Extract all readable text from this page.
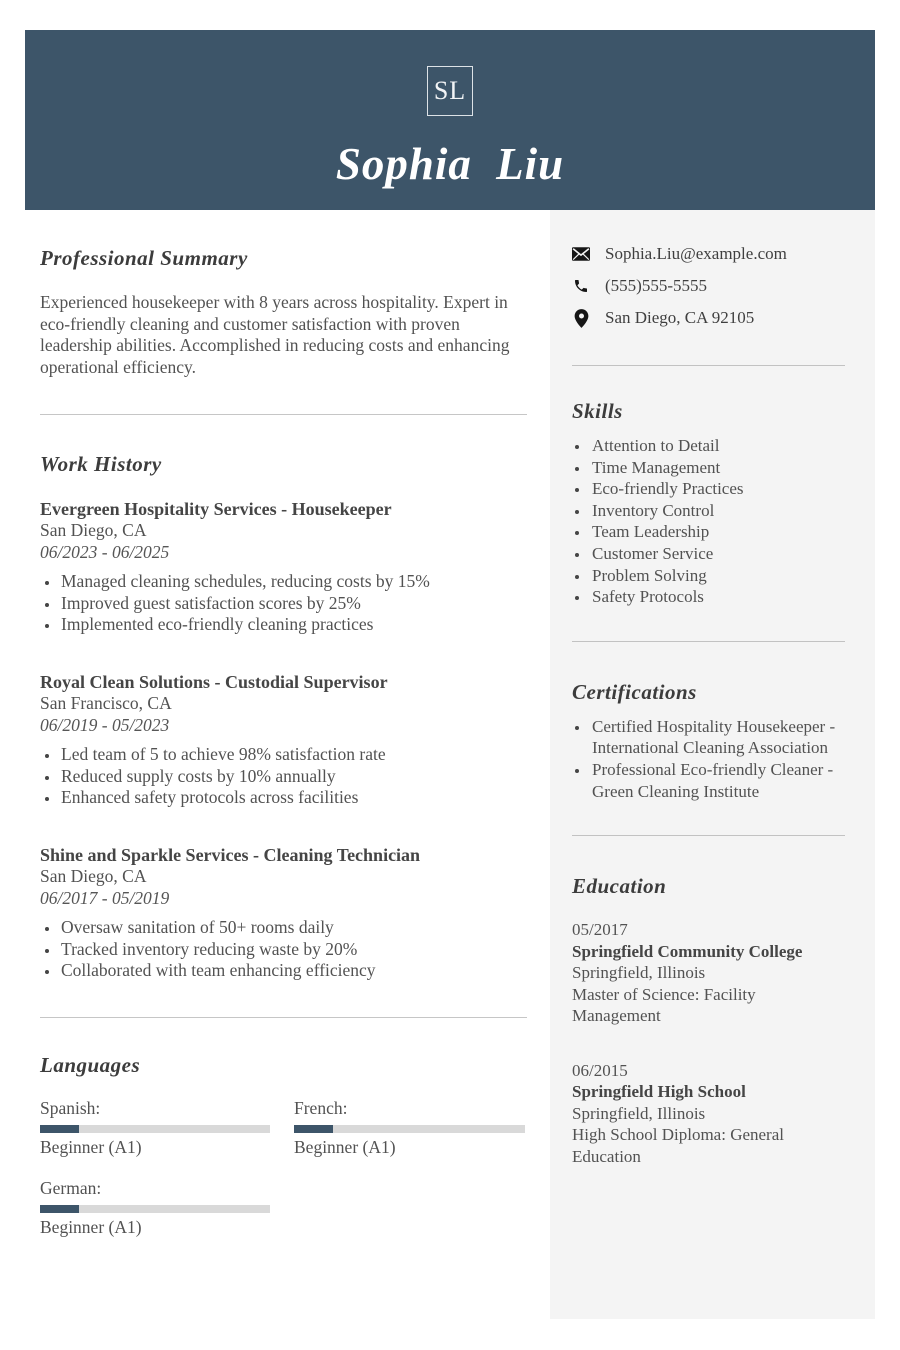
SL
Sophia Liu
Professional Summary

Experienced housekeeper with 8 years across hospitality. Expert in eco-friendly cleaning and customer satisfaction with proven leadership abilities. Accomplished in reducing costs and enhancing operational efficiency.

Work History
Evergreen Hospitality Services - Housekeeper
San Diego, CA
06/2023 - 06/2025
• Managed cleaning schedules, reducing costs by 15%
• Improved guest satisfaction scores by 25%
• Implemented eco-friendly cleaning practices
Royal Clean Solutions - Custodial Supervisor
San Francisco, CA
06/2019 - 05/2023
• Led team of 5 to achieve 98% satisfaction rate
• Reduced supply costs by 10% annually
• Enhanced safety protocols across facilities
Shine and Sparkle Services - Cleaning Technician
San Diego, CA
06/2017 - 05/2019
• Oversaw sanitation of 50+ rooms daily
• Tracked inventory reducing waste by 20%
• Collaborated with team enhancing efficiency
Languages
Spanish:
Beginner (A1)
French:
Beginner (A1)
German:
Beginner (A1)
Sophia.Liu@example.com
(555)555-5555
San Diego, CA 92105
Skills
• Attention to Detail
• Time Management
• Eco-friendly Practices
• Inventory Control
• Team Leadership
• Customer Service
• Problem Solving
• Safety Protocols
Certifications
• Certified Hospitality Housekeeper - International Cleaning Association
• Professional Eco-friendly Cleaner - Green Cleaning Institute
Education
05/2017
Springfield Community College
Springfield, Illinois
Master of Science: Facility Management
06/2015
Springfield High School
Springfield, Illinois
High School Diploma: General Education
